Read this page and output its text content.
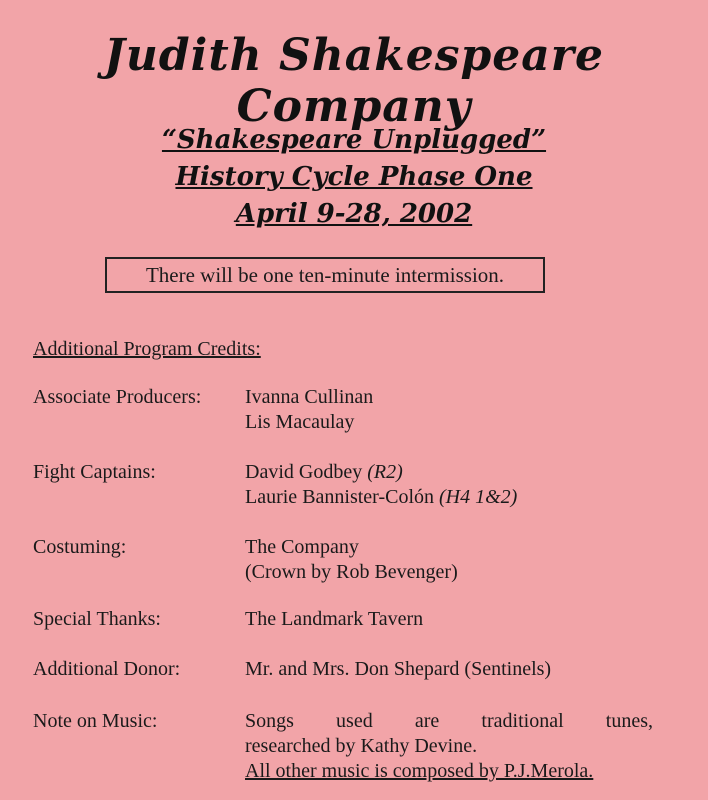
Judith Shakespeare Company
“Shakespeare Unplugged”
History Cycle Phase One
April 9-28, 2002
There will be one ten-minute intermission.
Additional Program Credits:
Associate Producers:	Ivanna Cullinan
Lis Macaulay
Fight Captains:	David Godbey (R2)
Laurie Bannister-Colón (H4 1&2)
Costuming:	The Company
(Crown by Rob Bevenger)
Special Thanks:	The Landmark Tavern
Additional Donor:	Mr. and Mrs. Don Shepard (Sentinels)
Note on Music:	Songs used are traditional tunes,
researched by Kathy Devine.
All other music is composed by P.J.Merola.
